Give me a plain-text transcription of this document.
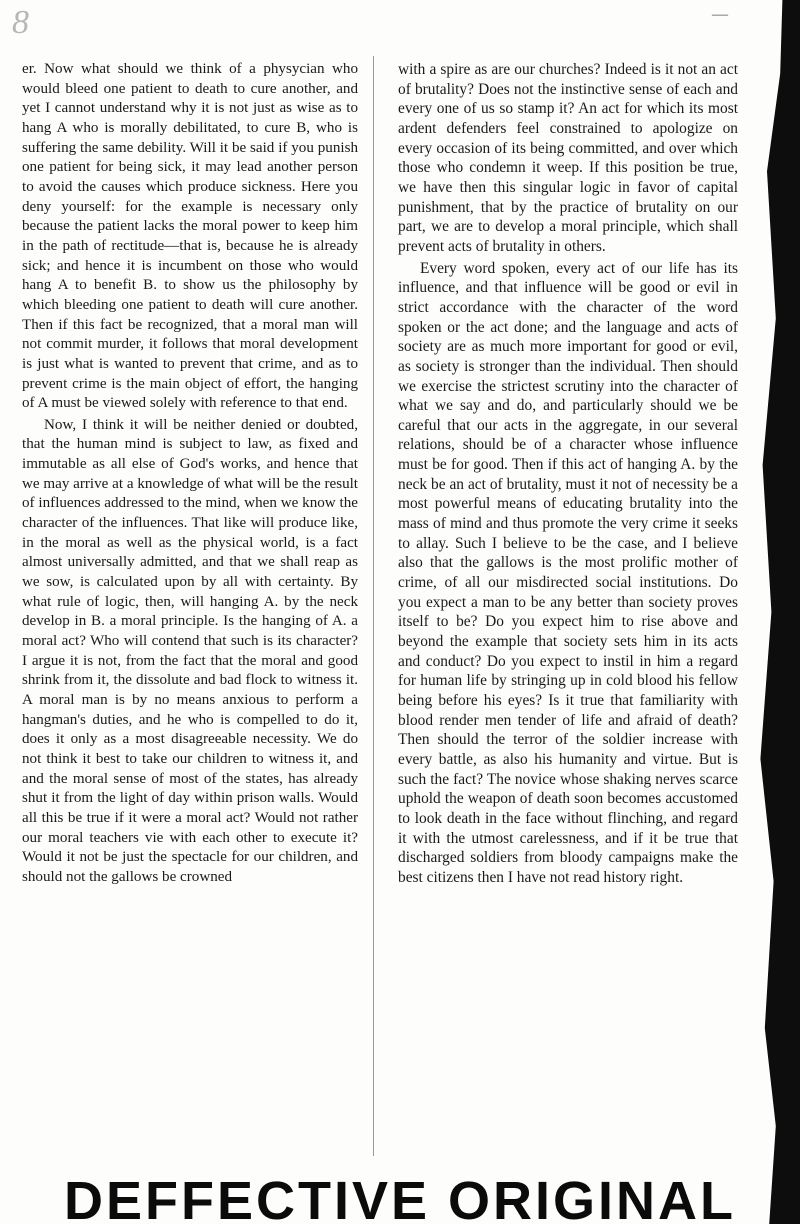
8	—

er. Now what should we think of a physycian who would bleed one patient to death to cure another, and yet I cannot understand why it is not just as wise as to hang A who is morally debilitated, to cure B, who is suffering the same debility. Will it be said if you punish one patient for being sick, it may lead another person to avoid the causes which produce sickness. Here you deny yourself: for the example is necessary only because the patient lacks the moral power to keep him in the path of rectitude—that is, because he is already sick; and hence it is incumbent on those who would hang A to benefit B. to show us the philosophy by which bleeding one patient to death will cure another. Then if this fact be recognized, that a moral man will not commit murder, it follows that moral development is just what is wanted to prevent that crime, and as to prevent crime is the main object of effort, the hanging of A must be viewed solely with reference to that end.

Now, I think it will be neither denied or doubted, that the human mind is subject to law, as fixed and immutable as all else of God's works, and hence that we may arrive at a knowledge of what will be the result of influences addressed to the mind, when we know the character of the influences. That like will produce like, in the moral as well as the physical world, is a fact almost universally admitted, and that we shall reap as we sow, is calculated upon by all with certainty. By what rule of logic, then, will hanging A. by the neck develop in B. a moral principle. Is the hanging of A. a moral act? Who will contend that such is its character? I argue it is not, from the fact that the moral and good shrink from it, the dissolute and bad flock to witness it. A moral man is by no means anxious to perform a hangman's duties, and he who is compelled to do it, does it only as a most disagreeable necessity. We do not think it best to take our children to witness it, and and the moral sense of most of the states, has already shut it from the light of day within prison walls. Would all this be true if it were a moral act? Would not rather our moral teachers vie with each other to execute it? Would it not be just the spectacle for our children, and should not the gallows be crowned

with a spire as are our churches? Indeed is it not an act of brutality? Does not the instinctive sense of each and every one of us so stamp it? An act for which its most ardent defenders feel constrained to apologize on every occasion of its being committed, and over which those who condemn it weep. If this position be true, we have then this singular logic in favor of capital punishment, that by the practice of brutality on our part, we are to develop a moral principle, which shall prevent acts of brutality in others.

Every word spoken, every act of our life has its influence, and that influence will be good or evil in strict accordance with the character of the word spoken or the act done; and the language and acts of society are as much more important for good or evil, as society is stronger than the individual. Then should we exercise the strictest scrutiny into the character of what we say and do, and particularly should we be careful that our acts in the aggregate, in our several relations, should be of a character whose influence must be for good. Then if this act of hanging A. by the neck be an act of brutality, must it not of necessity be a most powerful means of educating brutality into the mass of mind and thus promote the very crime it seeks to allay. Such I believe to be the case, and I believe also that the gallows is the most prolific mother of crime, of all our misdirected social institutions. Do you expect a man to be any better than society proves itself to be? Do you expect him to rise above and beyond the example that society sets him in its acts and conduct? Do you expect to instil in him a regard for human life by stringing up in cold blood his fellow being before his eyes? Is it true that familiarity with blood render men tender of life and afraid of death? Then should the terror of the soldier increase with every battle, as also his humanity and virtue. But is such the fact? The novice whose shaking nerves scarce uphold the weapon of death soon becomes accustomed to look death in the face without flinching, and regard it with the utmost carelessness, and if it be true that discharged soldiers from bloody campaigns make the best citizens then I have not read history right.

DEFFECTIVE ORIGINAL
